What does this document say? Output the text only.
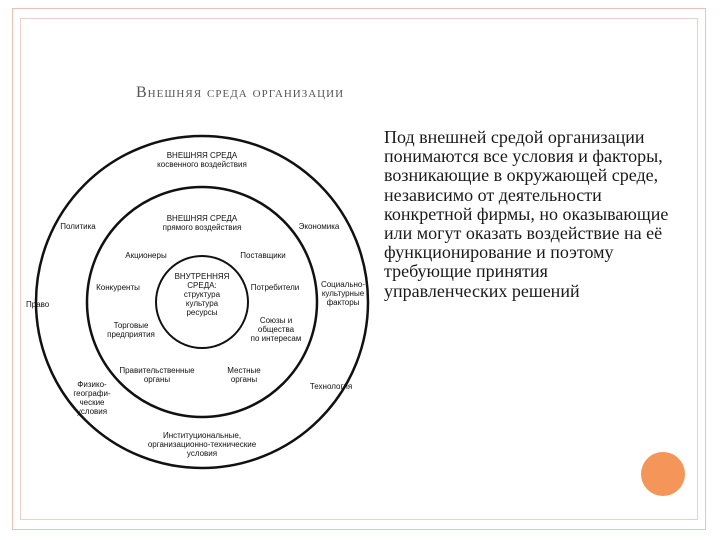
Внешняя среда организации
ВНЕШНЯЯ СРЕДА
косвенного воздействия
ВНЕШНЯЯ СРЕДА
прямого воздействия
ВНУТРЕННЯЯ
СРЕДА:
структура
культура
ресурсы
Акционеры	Поставщики
Конкуренты	Потребители
Торговые
предприятия
Союзы и
общества
по интересам
Правительственные
органы
Местные
органы
Политика	Экономика
Право
Социально-
культурные
факторы
Физико-
географи-
ческие
условия
Технология
Институциональные,
организационно-технические
условия

Под внешней средой организации понимаются все условия и факторы, возникающие в окружающей среде, независимо от деятельности конкретной фирмы, но оказывающие или могут оказать воздействие на её функционирование и поэтому требующие принятия управленческих решений
